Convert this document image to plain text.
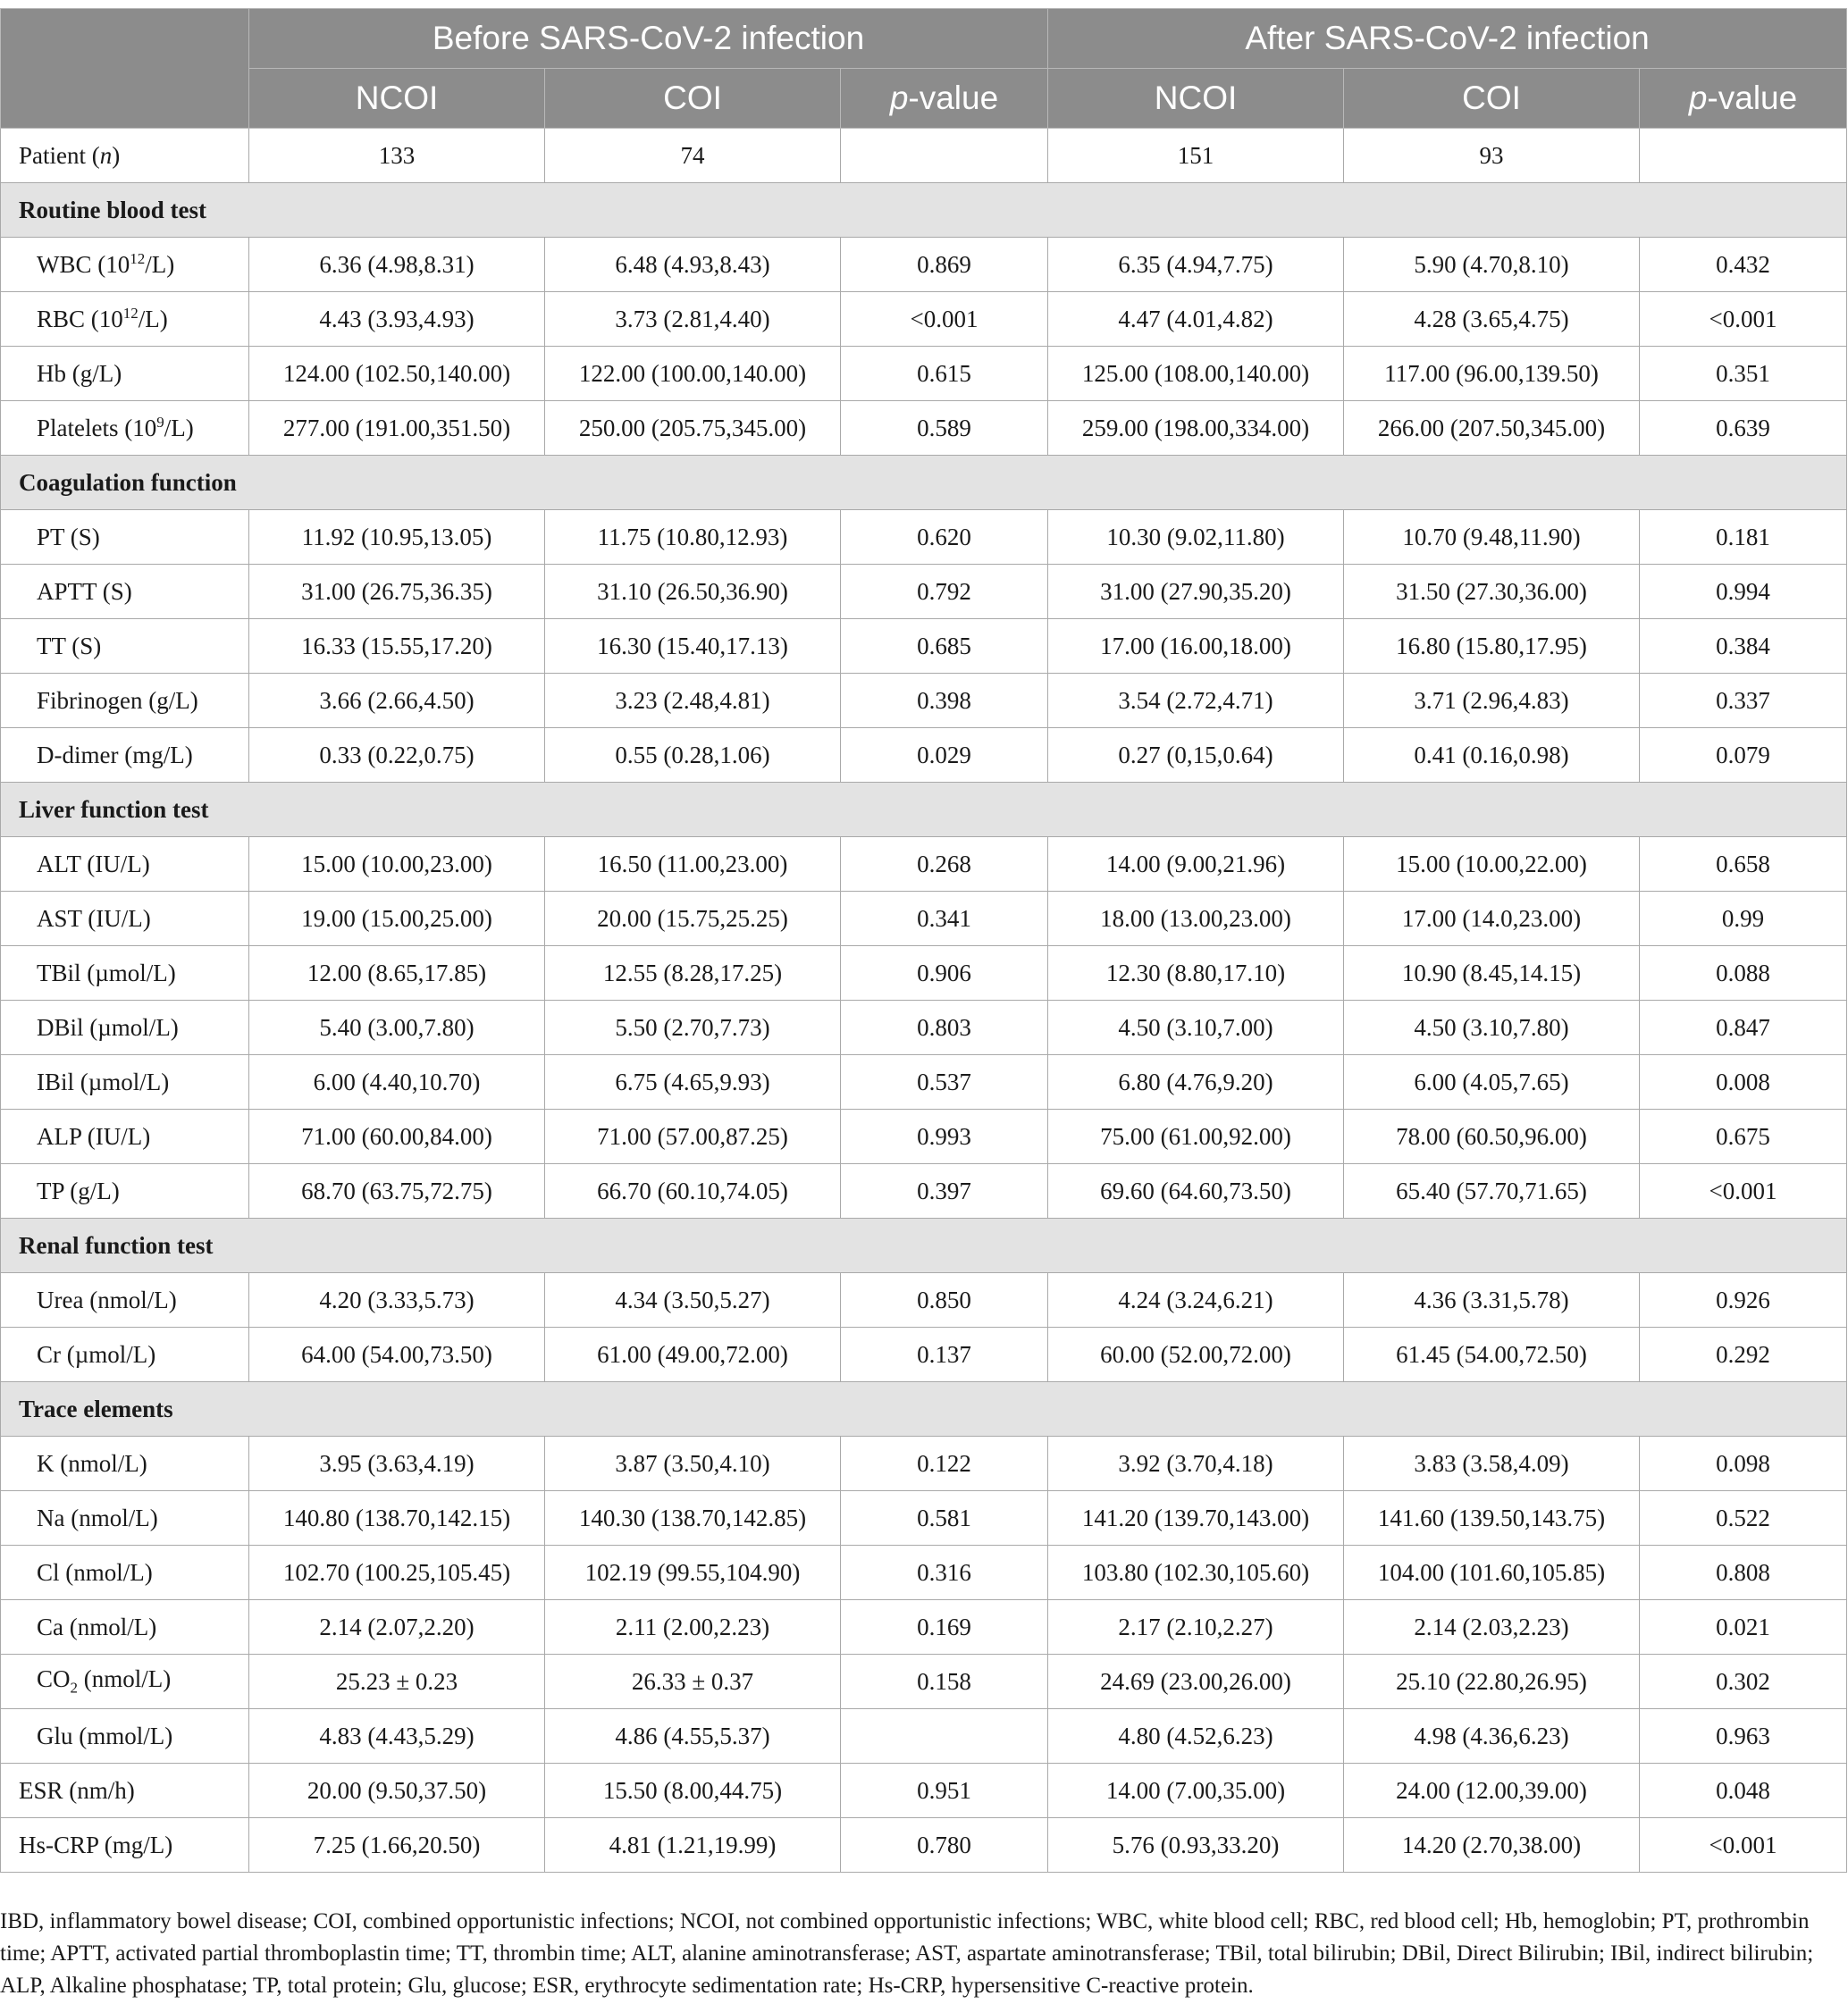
	Before SARS-CoV-2 infection			After SARS-CoV-2 infection		
	NCOI	COI	p-value	NCOI	COI	p-value
Patient (n)	133	74		151	93	
Routine blood test						
WBC $(10^{12}/L)$	6.36 (4.98,8.31)	6.48 (4.93,8.43)	0.869	6.35 (4.94,7.75)	5.90 (4.70,8.10)	0.432
RBC $(10^{12}/L)$	4.43 (3.93,4.93)	3.73 (2.81,4.40)	<0.001	4.47 (4.01,4.82)	4.28 (3.65,4.75)	<0.001
Hb (g/L)	124.00 (102.50,140.00)	122.00 (100.00,140.00)	0.615	125.00 (108.00,140.00)	117.00 (96.00,139.50)	0.351
Platelets $(10^9/L)$	277.00 (191.00,351.50)	250.00 (205.75,345.00)	0.589	259.00 (198.00,334.00)	266.00 (207.50,345.00)	0.639
Coagulation function						
PT (S)	11.92 (10.95,13.05)	11.75 (10.80,12.93)	0.620	10.30 (9.02,11.80)	10.70 (9.48,11.90)	0.181
APTT (S)	31.00 (26.75,36.35)	31.10 (26.50,36.90)	0.792	31.00 (27.90,35.20)	31.50 (27.30,36.00)	0.994
TT (S)	16.33 (15.55,17.20)	16.30 (15.40,17.13)	0.685	17.00 (16.00,18.00)	16.80 (15.80,17.95)	0.384
Fibrinogen (g/L)	3.66 (2.66,4.50)	3.23 (2.48,4.81)	0.398	3.54 (2.72,4.71)	3.71 (2.96,4.83)	0.337
D-dimer (mg/L)	0.33 (0.22,0.75)	0.55 (0.28,1.06)	0.029	0.27 (0,15,0.64)	0.41 (0.16,0.98)	0.079
Liver function test						
ALT (IU/L)	15.00 (10.00,23.00)	16.50 (11.00,23.00)	0.268	14.00 (9.00,21.96)	15.00 (10.00,22.00)	0.658
AST (IU/L)	19.00 (15.00,25.00)	20.00 (15.75,25.25)	0.341	18.00 (13.00,23.00)	17.00 (14.0,23.00)	0.99
TBil (µmol/L)	12.00 (8.65,17.85)	12.55 (8.28,17.25)	0.906	12.30 (8.80,17.10)	10.90 (8.45,14.15)	0.088
DBil (µmol/L)	5.40 (3.00,7.80)	5.50 (2.70,7.73)	0.803	4.50 (3.10,7.00)	4.50 (3.10,7.80)	0.847
IBil (µmol/L)	6.00 (4.40,10.70)	6.75 (4.65,9.93)	0.537	6.80 (4.76,9.20)	6.00 (4.05,7.65)	0.008
ALP (IU/L)	71.00 (60.00,84.00)	71.00 (57.00,87.25)	0.993	75.00 (61.00,92.00)	78.00 (60.50,96.00)	0.675
TP (g/L)	68.70 (63.75,72.75)	66.70 (60.10,74.05)	0.397	69.60 (64.60,73.50)	65.40 (57.70,71.65)	<0.001
Renal function test						
Urea (nmol/L)	4.20 (3.33,5.73)	4.34 (3.50,5.27)	0.850	4.24 (3.24,6.21)	4.36 (3.31,5.78)	0.926
Cr (µmol/L)	64.00 (54.00,73.50)	61.00 (49.00,72.00)	0.137	60.00 (52.00,72.00)	61.45 (54.00,72.50)	0.292
Trace elements						
K (nmol/L)	3.95 (3.63,4.19)	3.87 (3.50,4.10)	0.122	3.92 (3.70,4.18)	3.83 (3.58,4.09)	0.098
Na (nmol/L)	140.80 (138.70,142.15)	140.30 (138.70,142.85)	0.581	141.20 (139.70,143.00)	141.60 (139.50,143.75)	0.522
Cl (nmol/L)	102.70 (100.25,105.45)	102.19 (99.55,104.90)	0.316	103.80 (102.30,105.60)	104.00 (101.60,105.85)	0.808
Ca (nmol/L)	2.14 (2.07,2.20)	2.11 (2.00,2.23)	0.169	2.17 (2.10,2.27)	2.14 (2.03,2.23)	0.021
$CO_2$ (nmol/L)	25.23 ± 0.23	26.33 ± 0.37	0.158	24.69 (23.00,26.00)	25.10 (22.80,26.95)	0.302
Glu (mmol/L)	4.83 (4.43,5.29)	4.86 (4.55,5.37)		4.80 (4.52,6.23)	4.98 (4.36,6.23)	0.963
ESR (nm/h)	20.00 (9.50,37.50)	15.50 (8.00,44.75)	0.951	14.00 (7.00,35.00)	24.00 (12.00,39.00)	0.048
Hs-CRP (mg/L)	7.25 (1.66,20.50)	4.81 (1.21,19.99)	0.780	5.76 (0.93,33.20)	14.20 (2.70,38.00)	<0.001
IBD, inflammatory bowel disease; COI, combined opportunistic infections; NCOI, not combined opportunistic infections; WBC, white blood cell; RBC, red blood cell; Hb, hemoglobin; PT, prothrombin time; APTT, activated partial thromboplastin time; TT, thrombin time; ALT, alanine aminotransferase; AST, aspartate aminotransferase; TBil, total bilirubin; DBil, Direct Bilirubin; IBil, indirect bilirubin; ALP, Alkaline phosphatase; TP, total protein; Glu, glucose; ESR, erythrocyte sedimentation rate; Hs-CRP, hypersensitive C-reactive protein.
